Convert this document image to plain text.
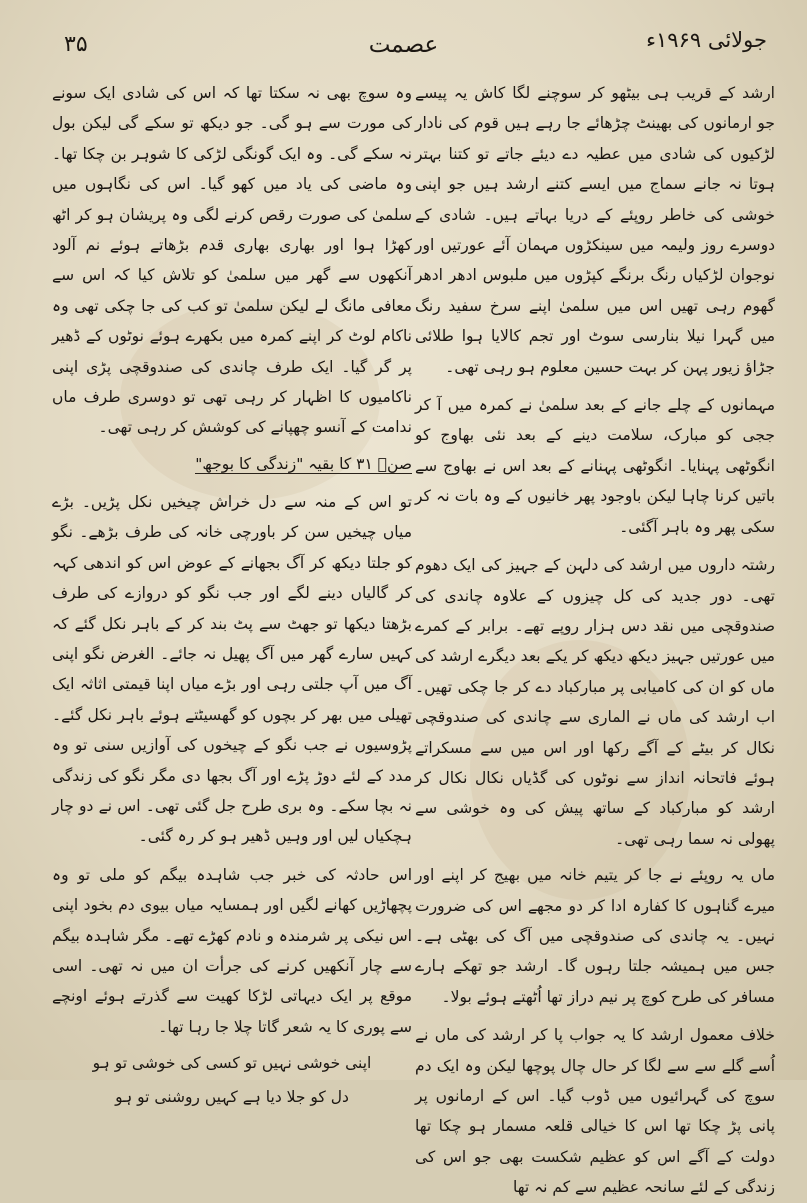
۳۵	عصمت	جولائی ۱۹۶۹ء

ارشد کے قریب ہی بیٹھو کر سوچنے لگا کاش یہ پیسے جو ارمانوں کی بھینٹ چڑھائے جا رہے ہیں قوم کی نادار لڑکیوں کی شادی میں عطیہ دے دیئے جاتے تو کتنا بہتر ہوتا نہ جانے سماج میں ایسے کتنے ارشد ہیں جو اپنی خوشی کی خاطر روپئے کے دریا بہاتے ہیں۔ شادی کے دوسرے روز ولیمہ میں سینکڑوں مہمان آئے عورتیں اور نوجوان لڑکیاں رنگ برنگے کپڑوں میں ملبوس ادھر ادھر گھوم رہی تھیں اس میں سلمیٰ اپنے سرخ سفید رنگ میں گہرا نیلا بنارسی سوٹ اور تجم کالایا ہوا طلائی جڑاؤ زیور پہن کر بہت حسین معلوم ہو رہی تھی۔

مہمانوں کے چلے جانے کے بعد سلمیٰ نے کمرہ میں آ کر ججی کو مبارک، سلامت دینے کے بعد نئی بھاوج کو انگوٹھی پہنایا۔ انگوٹھی پہنانے کے بعد اس نے بھاوج سے باتیں کرنا چاہا لیکن باوجود پھر خانیوں کے وہ بات نہ کر سکی پھر وہ باہر آگئی۔

رشتہ داروں میں ارشد کی دلہن کے جہیز کی ایک دھوم تھی۔ دور جدید کی کل چیزوں کے علاوہ چاندی کی صندوقچی میں نقد دس ہزار روپے تھے۔ برابر کے کمرے میں عورتیں جہیز دیکھ دیکھ کر یکے بعد دیگرے ارشد کی ماں کو ان کی کامیابی پر مبارکباد دے کر جا چکی تھیں۔ اب ارشد کی ماں نے الماری سے چاندی کی صندوقچی نکال کر بیٹے کے آگے رکھا اور اس میں سے مسکراتے ہوئے فاتحانہ انداز سے نوٹوں کی گڈیاں نکال نکال کر ارشد کو مبارکباد کے ساتھ پیش کی وہ خوشی سے پھولی نہ سما رہی تھی۔

ماں یہ روپئے نے جا کر یتیم خانہ میں بھیج کر اپنے اور میرے گناہوں کا کفارہ ادا کر دو مجھے اس کی ضرورت نہیں۔ یہ چاندی کی صندوقچی میں آگ کی بھٹی ہے۔ جس میں ہمیشہ جلتا رہوں گا۔ ارشد جو تھکے ہارے مسافر کی طرح کوچ پر نیم دراز تھا اُٹھتے ہوئے بولا۔

خلاف معمول ارشد کا یہ جواب پا کر ارشد کی ماں نے اُسے گلے سے سے لگا کر حال چال پوچھا لیکن وہ ایک دم سوچ کی گہرائیوں میں ڈوب گیا۔ اس کے ارمانوں پر پانی پڑ چکا تھا اس کا خیالی قلعہ مسمار ہو چکا تھا دولت کے آگے اس کو عظیم شکست بھی جو اس کی زندگی کے لئے سانحہ عظیم سے کم نہ تھا

وہ سوچ بھی نہ سکتا تھا کہ اس کی شادی ایک سونے کی مورت سے ہو گی۔ جو دیکھ تو سکے گی لیکن بول نہ سکے گی۔ وہ ایک گونگی لڑکی کا شوہر بن چکا تھا۔ وہ ماضی کی یاد میں کھو گیا۔ اس کی نگاہوں میں سلمیٰ کی صورت رقص کرنے لگی وہ پریشان ہو کر اٹھ کھڑا ہوا اور بھاری بھاری قدم بڑھاتے ہوئے نم آلود آنکھوں سے گھر میں سلمیٰ کو تلاش کیا کہ اس سے معافی مانگ لے لیکن سلمیٰ تو کب کی جا چکی تھی وہ ناکام لوٹ کر اپنے کمرہ میں بکھرے ہوئے نوٹوں کے ڈھیر پر گر گیا۔ ایک طرف چاندی کی صندوقچی پڑی اپنی ناکامیوں کا اظہار کر رہی تھی تو دوسری طرف ماں ندامت کے آنسو چھپانے کی کوشش کر رہی تھی۔

صنۤ ۳۱ کا بقیہ "زندگی کا بوجھ"

تو اس کے منہ سے دل خراش چیخیں نکل پڑیں۔ بڑے میاں چیخیں سن کر باورچی خانہ کی طرف بڑھے۔ نگو کو جلتا دیکھ کر آگ بجھانے کے عوض اس کو اندھی کہہ کر گالیاں دینے لگے اور جب نگو کو دروازے کی طرف بڑھتا دیکھا تو جھٹ سے پٹ بند کر کے باہر نکل گئے کہ کہیں سارے گھر میں آگ پھیل نہ جائے۔ الغرض نگو اپنی آگ میں آپ جلتی رہی اور بڑے میاں اپنا قیمتی اثاثہ ایک تھیلی میں بھر کر بچوں کو گھسیٹتے ہوئے باہر نکل گئے۔ پڑوسیوں نے جب نگو کے چیخوں کی آوازیں سنی تو وہ مدد کے لئے دوڑ پڑے اور آگ بجھا دی مگر نگو کی زندگی نہ بچا سکے۔ وہ بری طرح جل گئی تھی۔ اس نے دو چار ہچکیاں لیں اور وہیں ڈھیر ہو کر رہ گئی۔

اس حادثہ کی خبر جب شاہدہ بیگم کو ملی تو وہ پچھاڑیں کھانے لگیں اور ہمسایہ میاں بیوی دم بخود اپنی اس نیکی پر شرمندہ و نادم کھڑے تھے۔ مگر شاہدہ بیگم سے چار آنکھیں کرنے کی جرأت ان میں نہ تھی۔ اسی موقع پر ایک دیہاتی لڑکا کھیت سے گذرتے ہوئے اونچے سے پوری کا یہ شعر گاتا چلا جا رہا تھا۔

اپنی خوشی نہیں تو کسی کی خوشی تو ہو
دل کو جلا دیا ہے کہیں روشنی تو ہو
